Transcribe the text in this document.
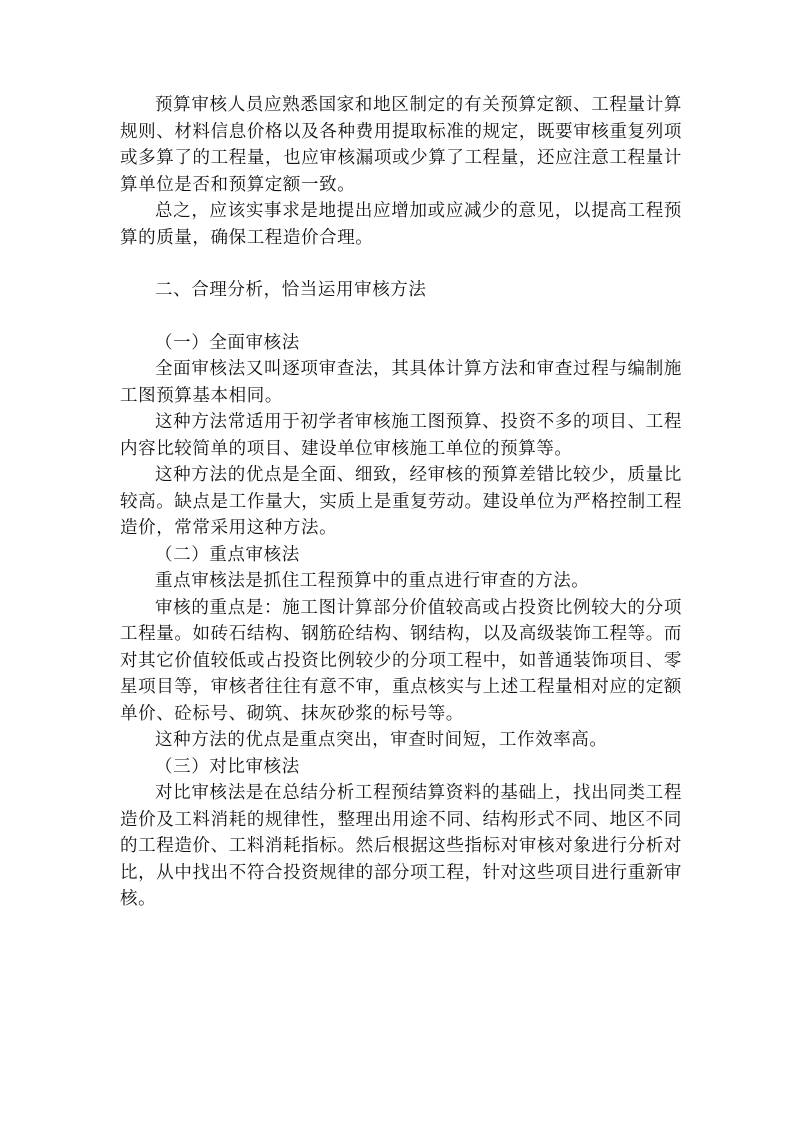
预算审核人员应熟悉国家和地区制定的有关预算定额、工程量计算规则、材料信息价格以及各种费用提取标准的规定，既要审核重复列项或多算了的工程量，也应审核漏项或少算了工程量，还应注意工程量计算单位是否和预算定额一致。

总之，应该实事求是地提出应增加或应减少的意见，以提高工程预算的质量，确保工程造价合理。

二、合理分析，恰当运用审核方法

（一）全面审核法

全面审核法又叫逐项审查法，其具体计算方法和审查过程与编制施工图预算基本相同。

这种方法常适用于初学者审核施工图预算、投资不多的项目、工程内容比较简单的项目、建设单位审核施工单位的预算等。

这种方法的优点是全面、细致，经审核的预算差错比较少，质量比较高。缺点是工作量大，实质上是重复劳动。建设单位为严格控制工程造价，常常采用这种方法。

（二）重点审核法

重点审核法是抓住工程预算中的重点进行审查的方法。

审核的重点是：施工图计算部分价值较高或占投资比例较大的分项工程量。如砖石结构、钢筋砼结构、钢结构，以及高级装饰工程等。而对其它价值较低或占投资比例较少的分项工程中，如普通装饰项目、零星项目等，审核者往往有意不审，重点核实与上述工程量相对应的定额单价、砼标号、砌筑、抹灰砂浆的标号等。

这种方法的优点是重点突出，审查时间短，工作效率高。

（三）对比审核法

对比审核法是在总结分析工程预结算资料的基础上，找出同类工程造价及工料消耗的规律性，整理出用途不同、结构形式不同、地区不同的工程造价、工料消耗指标。然后根据这些指标对审核对象进行分析对比，从中找出不符合投资规律的部分项工程，针对这些项目进行重新审核。
